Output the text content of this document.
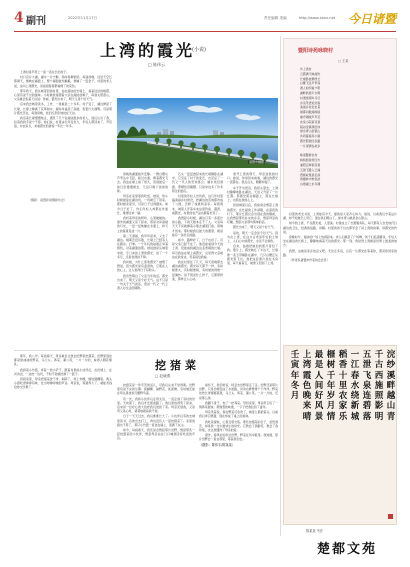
4 副刊	2022年11月17日	责任编辑 美编	http://www.xxxx.net 今日诸暨
上湾的霞光
(小说)
□ 陈伟云

上湾村是平原上一座一直在长的村子。

村口有片大湖，湖水一片宁静，两岸杨柳依依。每逢傍晚，远处天空红霞满天，倒映在湖面上，整个湖面波光粼粼，像铺了一层金子。村里的老人说，这叫上湾霞光，是祖祖辈辈都看惯了的景色。

那年秋天，我从城里回到村里，站在湖边的长堤上，看着远处的晚霞，心里有说不出的滋味。小时候我常跟着父亲在湖边放鸭子，每到太阳落山，父亲就会指着天边说：你看，霞光出来了，明天又是个好天气。

后来我去城里读书，工作，一晃就是二十多年。村子变了，湖边修起了长堤，长堤上种满了花草树木；湖对岸盖起了高楼，夜里灯火通明。可是那片霞光还在，每到傍晚，依旧红彤彤地挂在天边。

我沿着长堤慢慢地走，遇见了几个在湖边散步的老人，他们认出了我，拉着我的手说个不停。他们说，村里这些年变化大，年轻人都回来了，开民宿、办农家乐，来看霞光的游客一年比一年多。

诸暨市融媒

傍晚的湖面格外安静。一群白鹭从芦苇丛中飞起，掠过水面，朝着霞光飞去。我站在堤上看了很久，直到最后一抹红色慢慢褪去，天边只剩下淡淡的紫。

母亲在家里等我吃饭。她说，你小时候最爱在湖边玩，一玩就忘了回家。那时候家里穷，可是日子过得踏实。如今日子好了，你们年轻人却都在外面忙，难得回来一趟。

我听着母亲的唠叨，心里暖暖的。窗外的湖面又亮了起来，那是对岸高楼的灯光，一层一层地铺在水面上，和天上的星星连成一片。

第二天清晨，我早早起来，又去了湖边。晨雾还没有散，长堤上已经有人在跑步、打拳。一个年轻的姑娘正举着相机，对着湖面拍照。她说她是从城里来的，专门来拍上湾的霞光，拍了一个多月，还是觉得拍不够。

我问她，为什么喜欢霞光？她想了想说，因为霞光是有温度的，它照在人的心上，让人觉得日子有盼头。

我忽然明白了父亲当年的话。霞光出来了，明天又是个好天气。这不只是一句关于天气的话，更是一代又一代上湾人对生活的期盼。

石头一层层叠起来的长堤静卧在湖中，它见证了村子的变迁，也见证了一代又一代人的悲欢离合。湖水依旧清澈，垂柳依旧婀娜，只是岸边多了许多陌生的面孔。

村里的年轻人告诉我，这几年村里搞美丽乡村建设，把湖边的荒地都改成了公园，还修了栈道和凉亭。每到周末，城里人开着车来这里钓鱼、露营、看霞光，村里的农产品也跟着好卖了。

我想起小时候，湖边只有一条泥泞的小路，下雨天根本走不了人。父亲每天天不亮就撑着小船去湖里打鱼，傍晚才回来。那时候我们最大的愿望，就是能有一条好走的路。

如今，路修好了，日子也好了。可是父亲已经不在了。他没能看到今天的上湾，没能看到湖边这条宽阔的长堤。每当我站在堤上看霞光，总觉得父亲就站在我身边，笑着指给我看。

我在村里住了几天，每天傍晚都去湖边看霞光。霞光每天都不一样，有时候像火，有时候像锦，有时候淡得像一层薄纱。但不管是什么样子，它都那样美，那样让人心动。

离开上湾的那天，母亲送我到村口。她说，你常回来看看，湖边的霞光一直都在。我点点头，眼眶却湿了。

车子开出很远，我回头望去，上湾村静静地卧在湖边，天边又升起了一片红霞。那霞光照在湖面上，照在长堤上，也照在我的心上。

回到城里以后，我常常会想起上湾的霞光。在忙碌的工作间隙，在深夜的灯下，那片红霞总会出现在我的眼前，让我想起那些朴实的乡亲，想起母亲的叮嘱，想起父亲那句简单的话。

霞光出来了，明天又是个好天气。

是的，明天一定会是个好天气。因为在上湾，在这片古老而年轻的土地上，人们心中的霞光，永远不会褪色。

后来，姑娘把她拍的照片寄给了我。照片上，霞光映红了半边天，长堤像一条玉带横卧在湖中，几只白鹭正从霞光里飞过。我把这张照片挂在书房里，每天看着它，就像又回到了上湾。

村里的老支书说，上湾能有今天，靠的是大家齐心协力。他说，以前我们守着这片湖，却不知道怎么用它；现在我们明白了，绿水青山就是金山银山。

如今的上湾，不仅霞光美，人更美。村里成立了志愿服务队，每天都有人自发地打扫湖边的卫生，给游客指路、讲解。村里的孩子们也都学会了讲上湾的故事，讲霞光的传说。

傍晚时分，湖边的广场上热闹起来。老人们跳起了广场舞，孩子们追逐嬉戏，年轻人坐在湖边的长椅上，静静地看着天边的霞光。那一刻，我觉得上湾就是世界上最美的地方。

我想，这就是家乡的意义吧。无论走多远，总有一片霞光在等着你，照亮你回家的路。

（作者系诸暨市作家协会会员）

暨阳诗苑咏晓村
□ 王某
访上湾村
云霞满天映湖光
长堤卧波柳丝长
白鹭飞过芦苇荡
游人如织看夕阳
湖畔新居灯火明
村道宽阔车马行
乡亲笑语迎远客
美丽乡村处处景
晨雾初散湖如镜
渔舟唱晚声声近
农家小院菊花香
稻谷金黄满田岗
绿水青山金银山
共同富裕奔小康
霞光照我回乡路
一片深情在故乡

咏诸暨新农村
枫桥经验传四方
浦阳江畔稻花香
五泄飞瀑入云端
西施故里美名扬
香榧林中秋色浓
白塔湖上水鸟翔
（摄影：诸暨新闻摄影协会）

那年，我八岁。每到春天，母亲就会让我去田野里挖猪菜。田野里到处都是绿油油的野菜，马兰头、荠菜、蒲公英，一片一片的，看得人眼花缭乱。

我挎着小竹篮，拿着一把小铲子，跟着村里的小伙伴们，在田埂上、在河沟边，一边挖一边玩，不知不觉就挖满了一篮子。

回到家里，母亲把猪菜洗干净，剁碎了，拌上米糠，倒进猪槽里。两头小猪吃得津津有味，发出呼噜呼噜的声音。母亲说，等猪养大了，就能卖钱给你交学费了。

挖猪菜
□ 赵晓燕

挖猪菜是一件辛苦的活儿，可我们从来不觉得累。田野里有说不完的乐趣：捉蝴蝶、摘野花、抓泥鳅，有时候还能在草丛里找到几颗野鸟蛋。

有一次，我和小伙伴们走得太远，一直走到了邻村的田里。天快黑了，我们才发现迷路了。我们害怕得哭了起来，后来是一位好心的大伯把我们送回了家。母亲见到我，又是骂又是心疼，紧紧地抱着我不放。

日子一天天过去，我们渐渐长大了。小伙伴们有的去城里读书，有的出去打工，再也没有人一起挖猪菜了。家里的猪也不养了，那只小竹篮一直挂在墙上，落满了灰尘。

如今，每到春天，我还是会想起那片田野，想起那些一起挖猪菜的小伙伴，想起母亲站在门口喊我回家吃饭的声音。

前些天，我回老家，特意去田野里走了走。田野还是那片田野，只是田埂变成了水泥路，河沟也修整得干干净净。野菜依然长得郁郁葱葱，马兰头、荠菜、蒲公英，一片一片的，还是那么绿。

我蹲下身子，挖了一把荠菜。带回家里，母亲用它包了一锅荠菜馄饨。那熟悉的味道，一下子把我拉回了童年。

母亲笑着说，现在野菜可金贵了，城里人都抢着买。以前我们拿它喂猪，现在却成了桌上的美味。

我吃着馄饨，心里百感交集。那些挖猪菜的日子，虽然清苦，却是我一生中最快乐的时光。它教会了我勤劳，教会了我珍惜，也让我懂得了母亲的爱。

窗外，春风轻轻吹过田野，野菜在风中摇曳。我知道，那片田野会一直在那里，等着我回去。

（摄影：陈伟丰/陈某某）
浣
纱
溪
畔
越
山
青
千
古
西
施
照
影
明
五
泄
飞
泉
连
碧
落
一
江
春
水
绕
新
城
稻
香
十
里
农
家
乐
榧
树
千
年
岁
月
情
最
是
人
间
好
风
景
上
湾
霞
色
晚
来
晴
壬
寅
年
冬
月
陈某某 书法
楚都文苑
